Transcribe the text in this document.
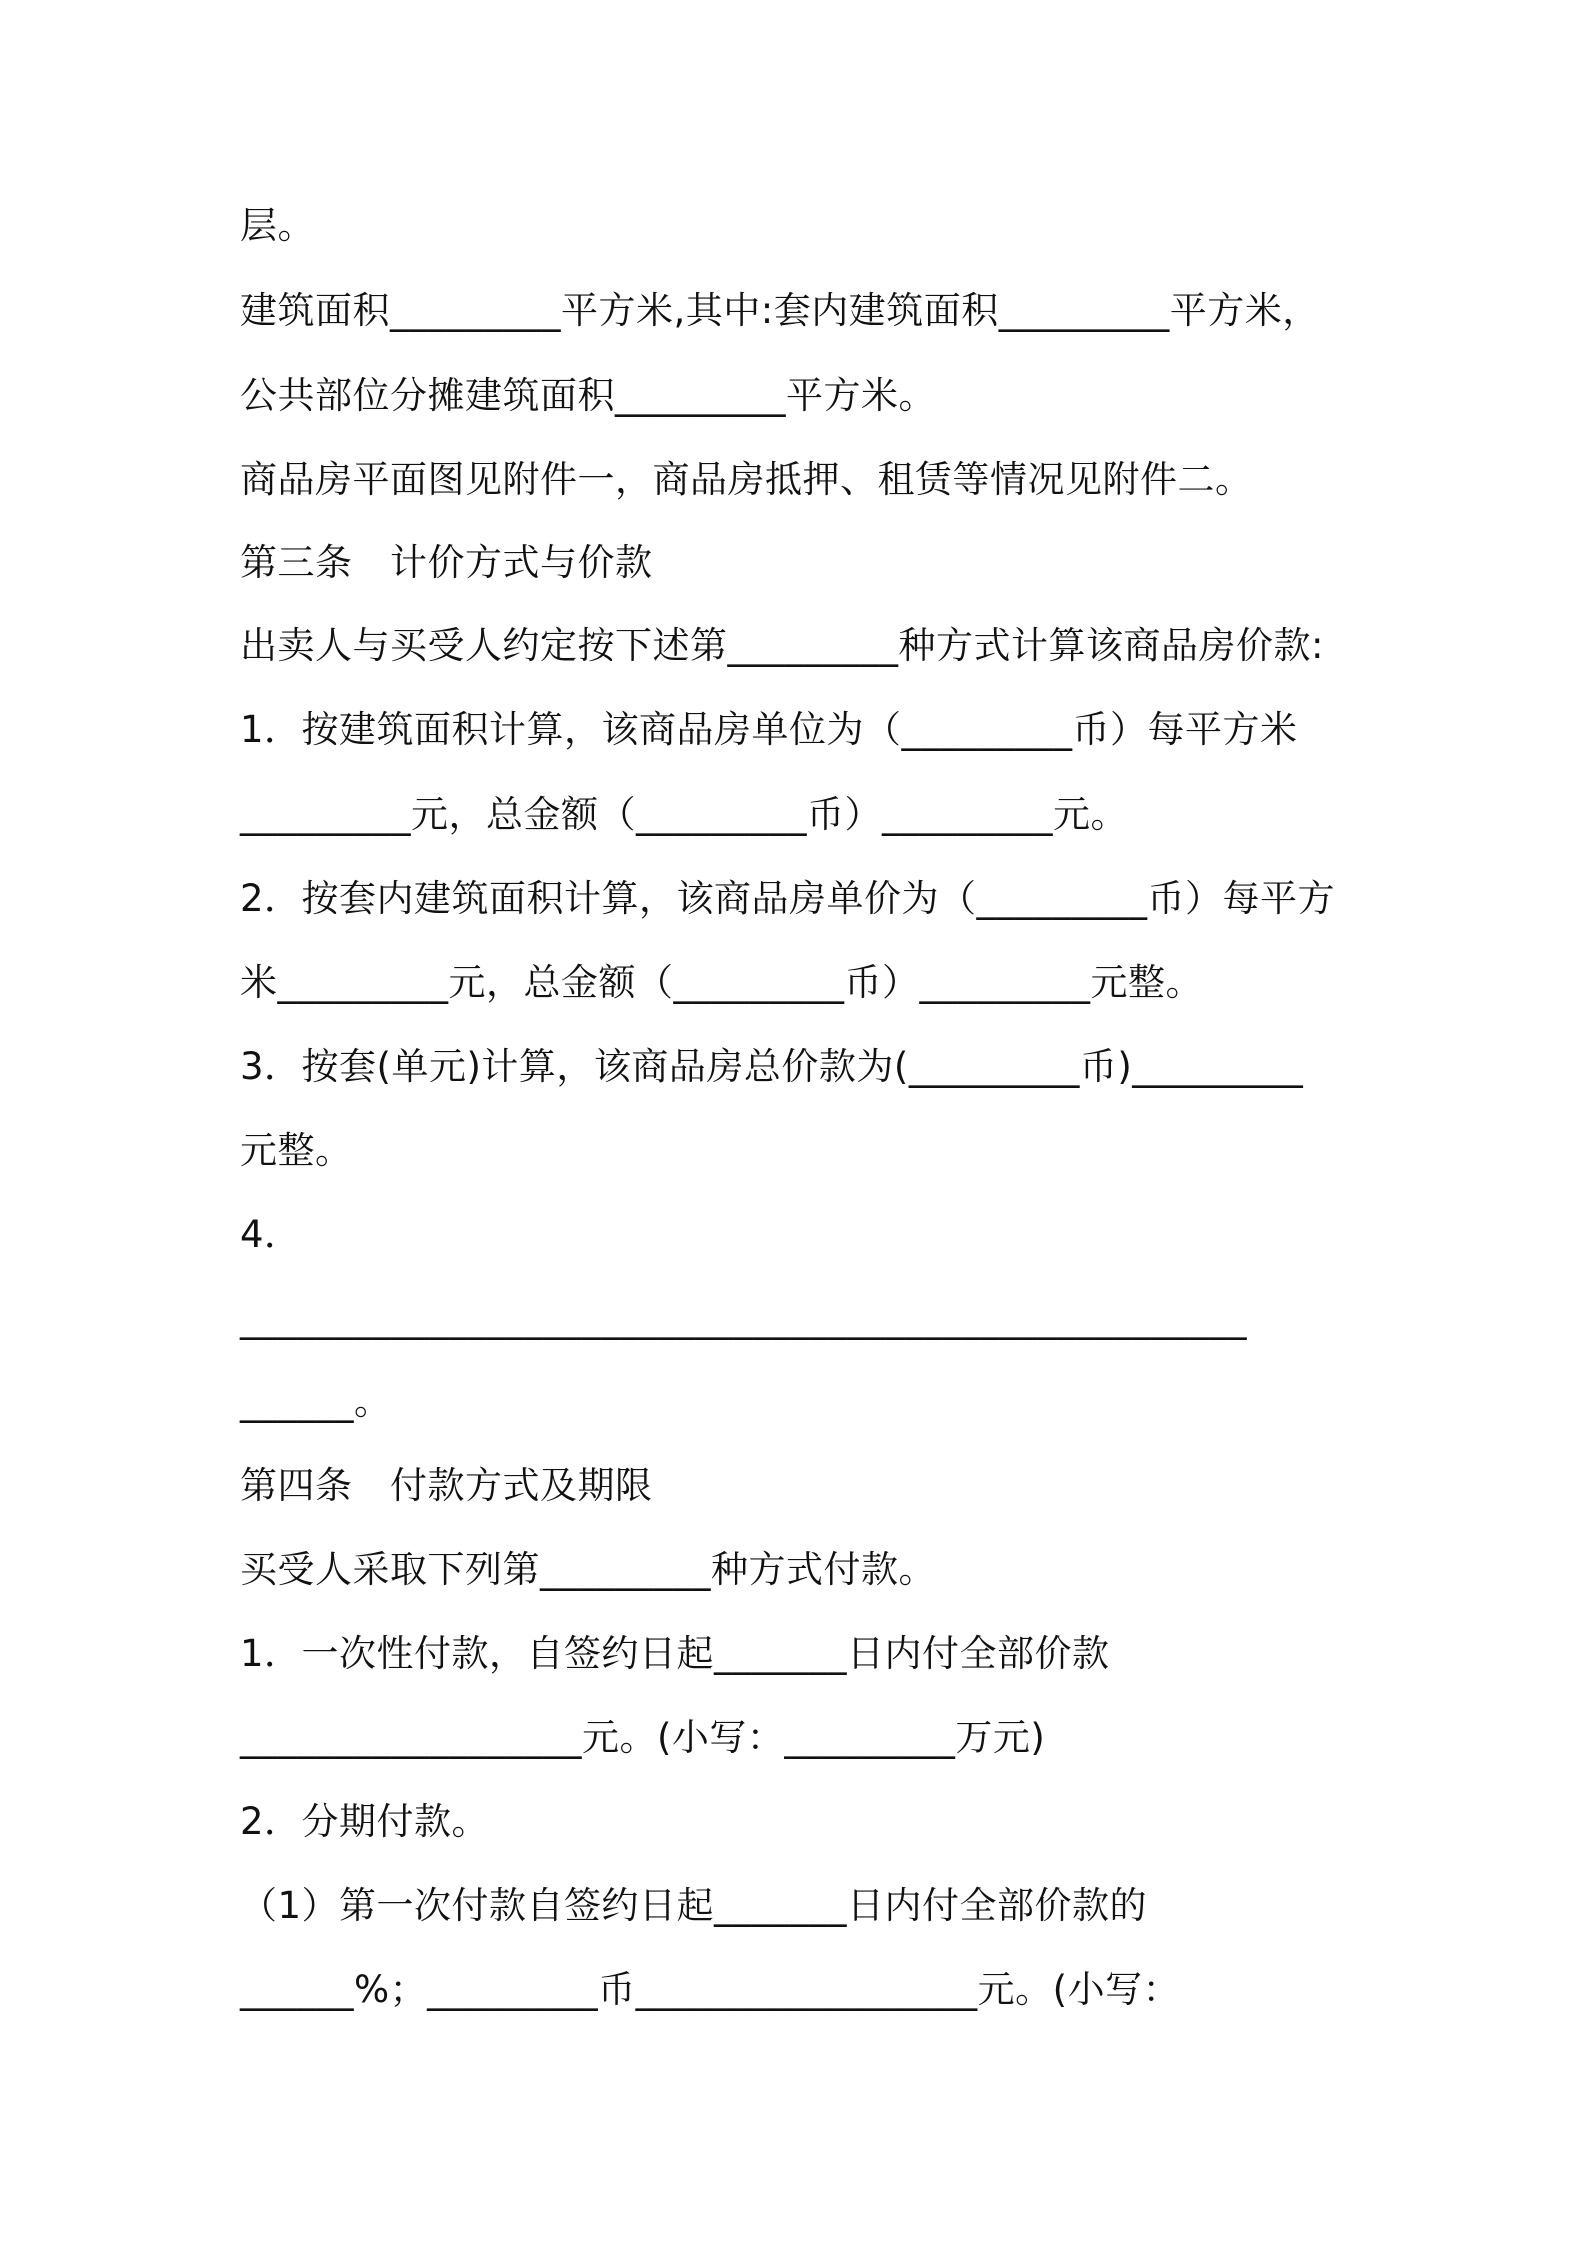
层。
建筑面积_________平方米,其中:套内建筑面积_________平方米，
公共部位分摊建筑面积_________平方米。
商品房平面图见附件一，商品房抵押、租赁等情况见附件二。
第三条　计价方式与价款
出卖人与买受人约定按下述第_________种方式计算该商品房价款:
1．按建筑面积计算，该商品房单位为（_________币）每平方米
_________元，总金额（_________币）_________元。
2．按套内建筑面积计算，该商品房单价为（_________币）每平方
米_________元，总金额（_________币）_________元整。
3．按套(单元)计算，该商品房总价款为(_________币)_________
元整。
4．
_____________________________________________________
______。
第四条　付款方式及期限
买受人采取下列第_________种方式付款。
1．一次性付款，自签约日起_______日内付全部价款
__________________元。(小写：_________万元)
2．分期付款。
（1）第一次付款自签约日起_______日内付全部价款的
______%；_________币__________________元。(小写：
